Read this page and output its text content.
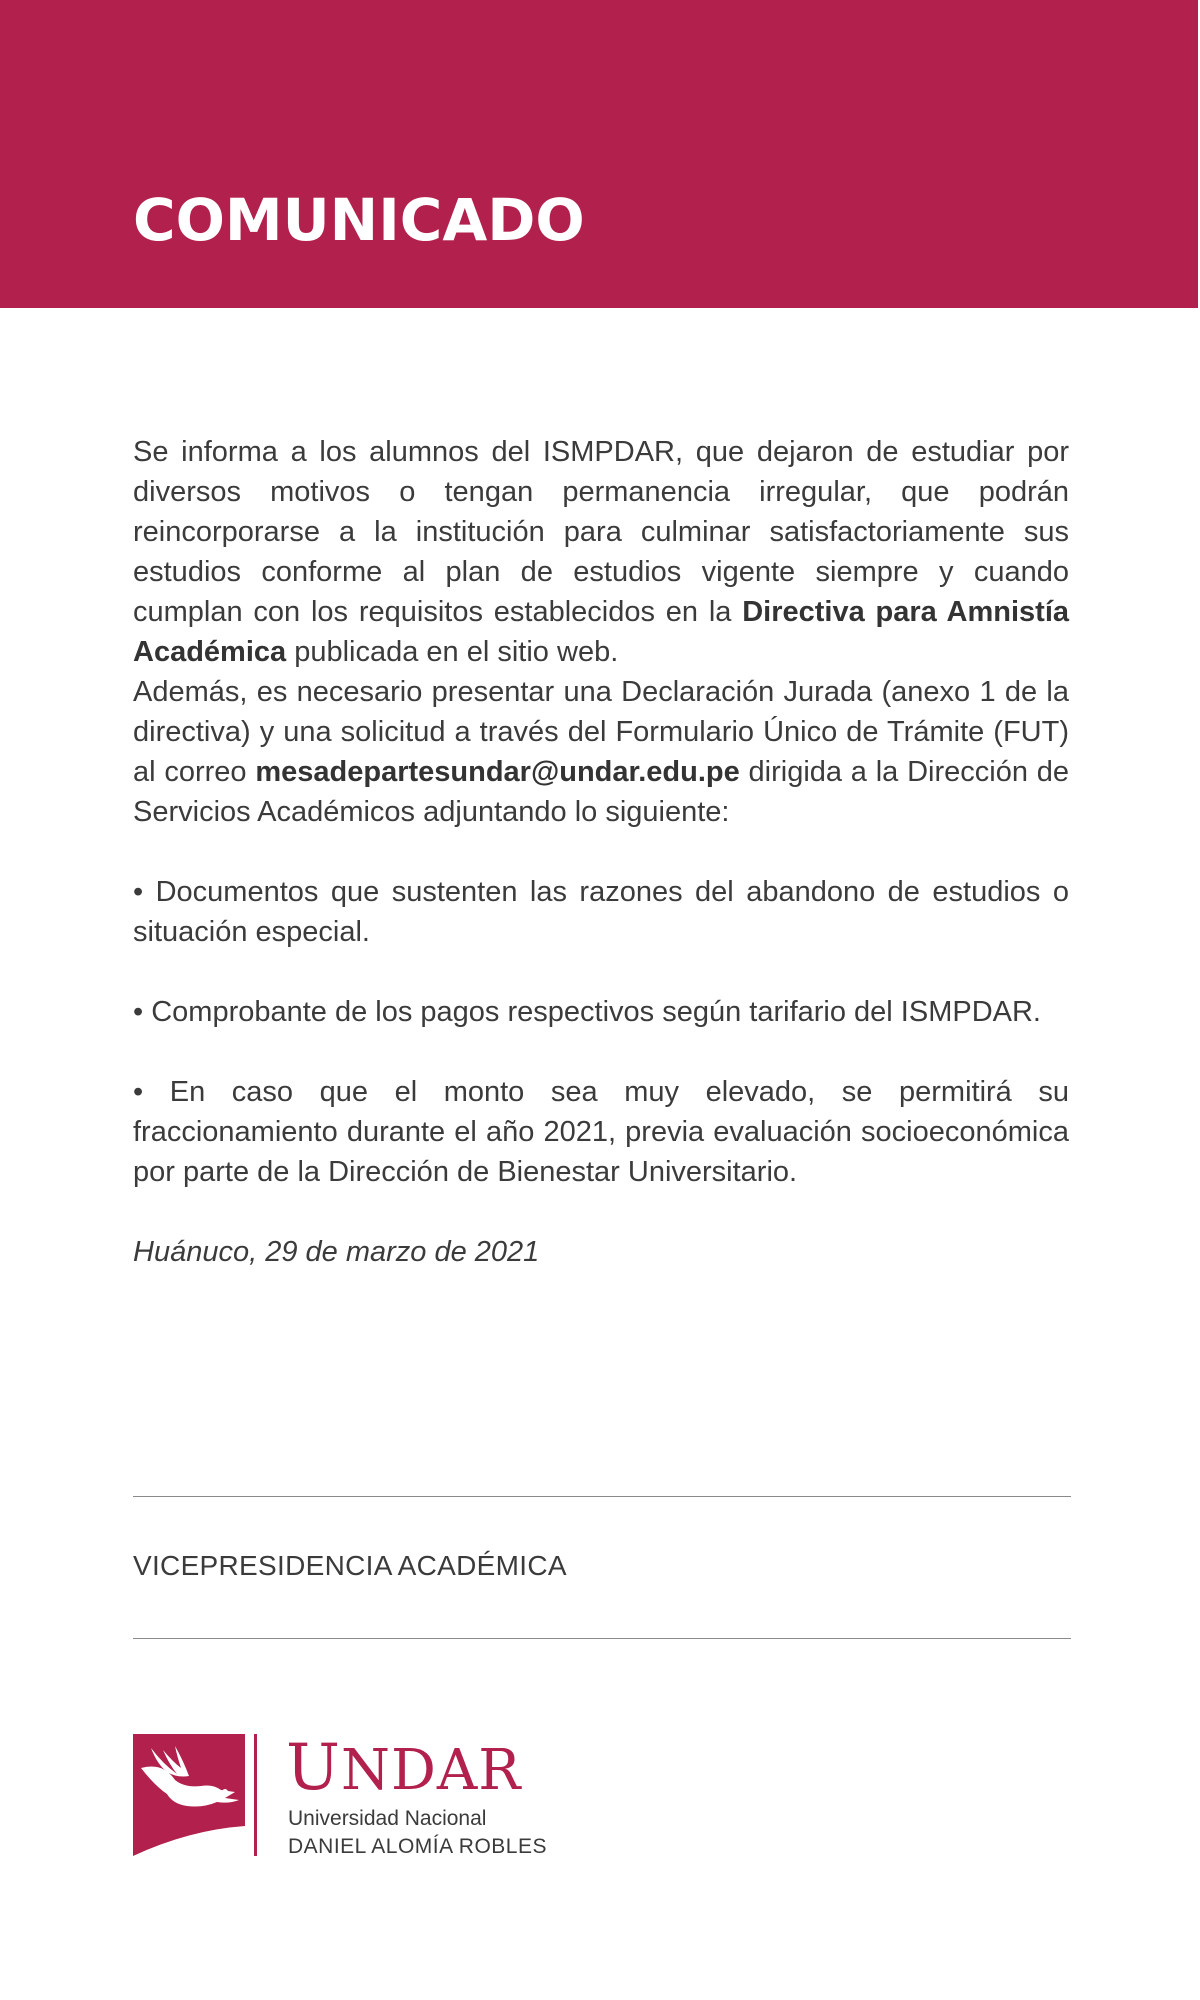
COMUNICADO

Se informa a los alumnos del ISMPDAR, que dejaron de estudiar por diversos motivos o tengan permanencia irregular, que podrán reincorporarse a la institución para culminar satisfactoriamente sus estudios conforme al plan de estudios vigente siempre y cuando cumplan con los requisitos establecidos en la Directiva para Amnistía Académica publicada en el sitio web.

Además, es necesario presentar una Declaración Jurada (anexo 1 de la directiva) y una solicitud a través del Formulario Único de Trámite (FUT) al correo mesadepartesundar@undar.edu.pe dirigida a la Dirección de Servicios Académicos adjuntando lo siguiente:

• Documentos que sustenten las razones del abandono de estudios o situación especial.

• Comprobante de los pagos respectivos según tarifario del ISMPDAR.

• En caso que el monto sea muy elevado, se permitirá su fraccionamiento durante el año 2021, previa evaluación socioeconómica por parte de la Dirección de Bienestar Universitario.

Huánuco, 29 de marzo de 2021

VICEPRESIDENCIA ACADÉMICA
UNDAR
Universidad Nacional
DANIEL ALOMÍA ROBLES
